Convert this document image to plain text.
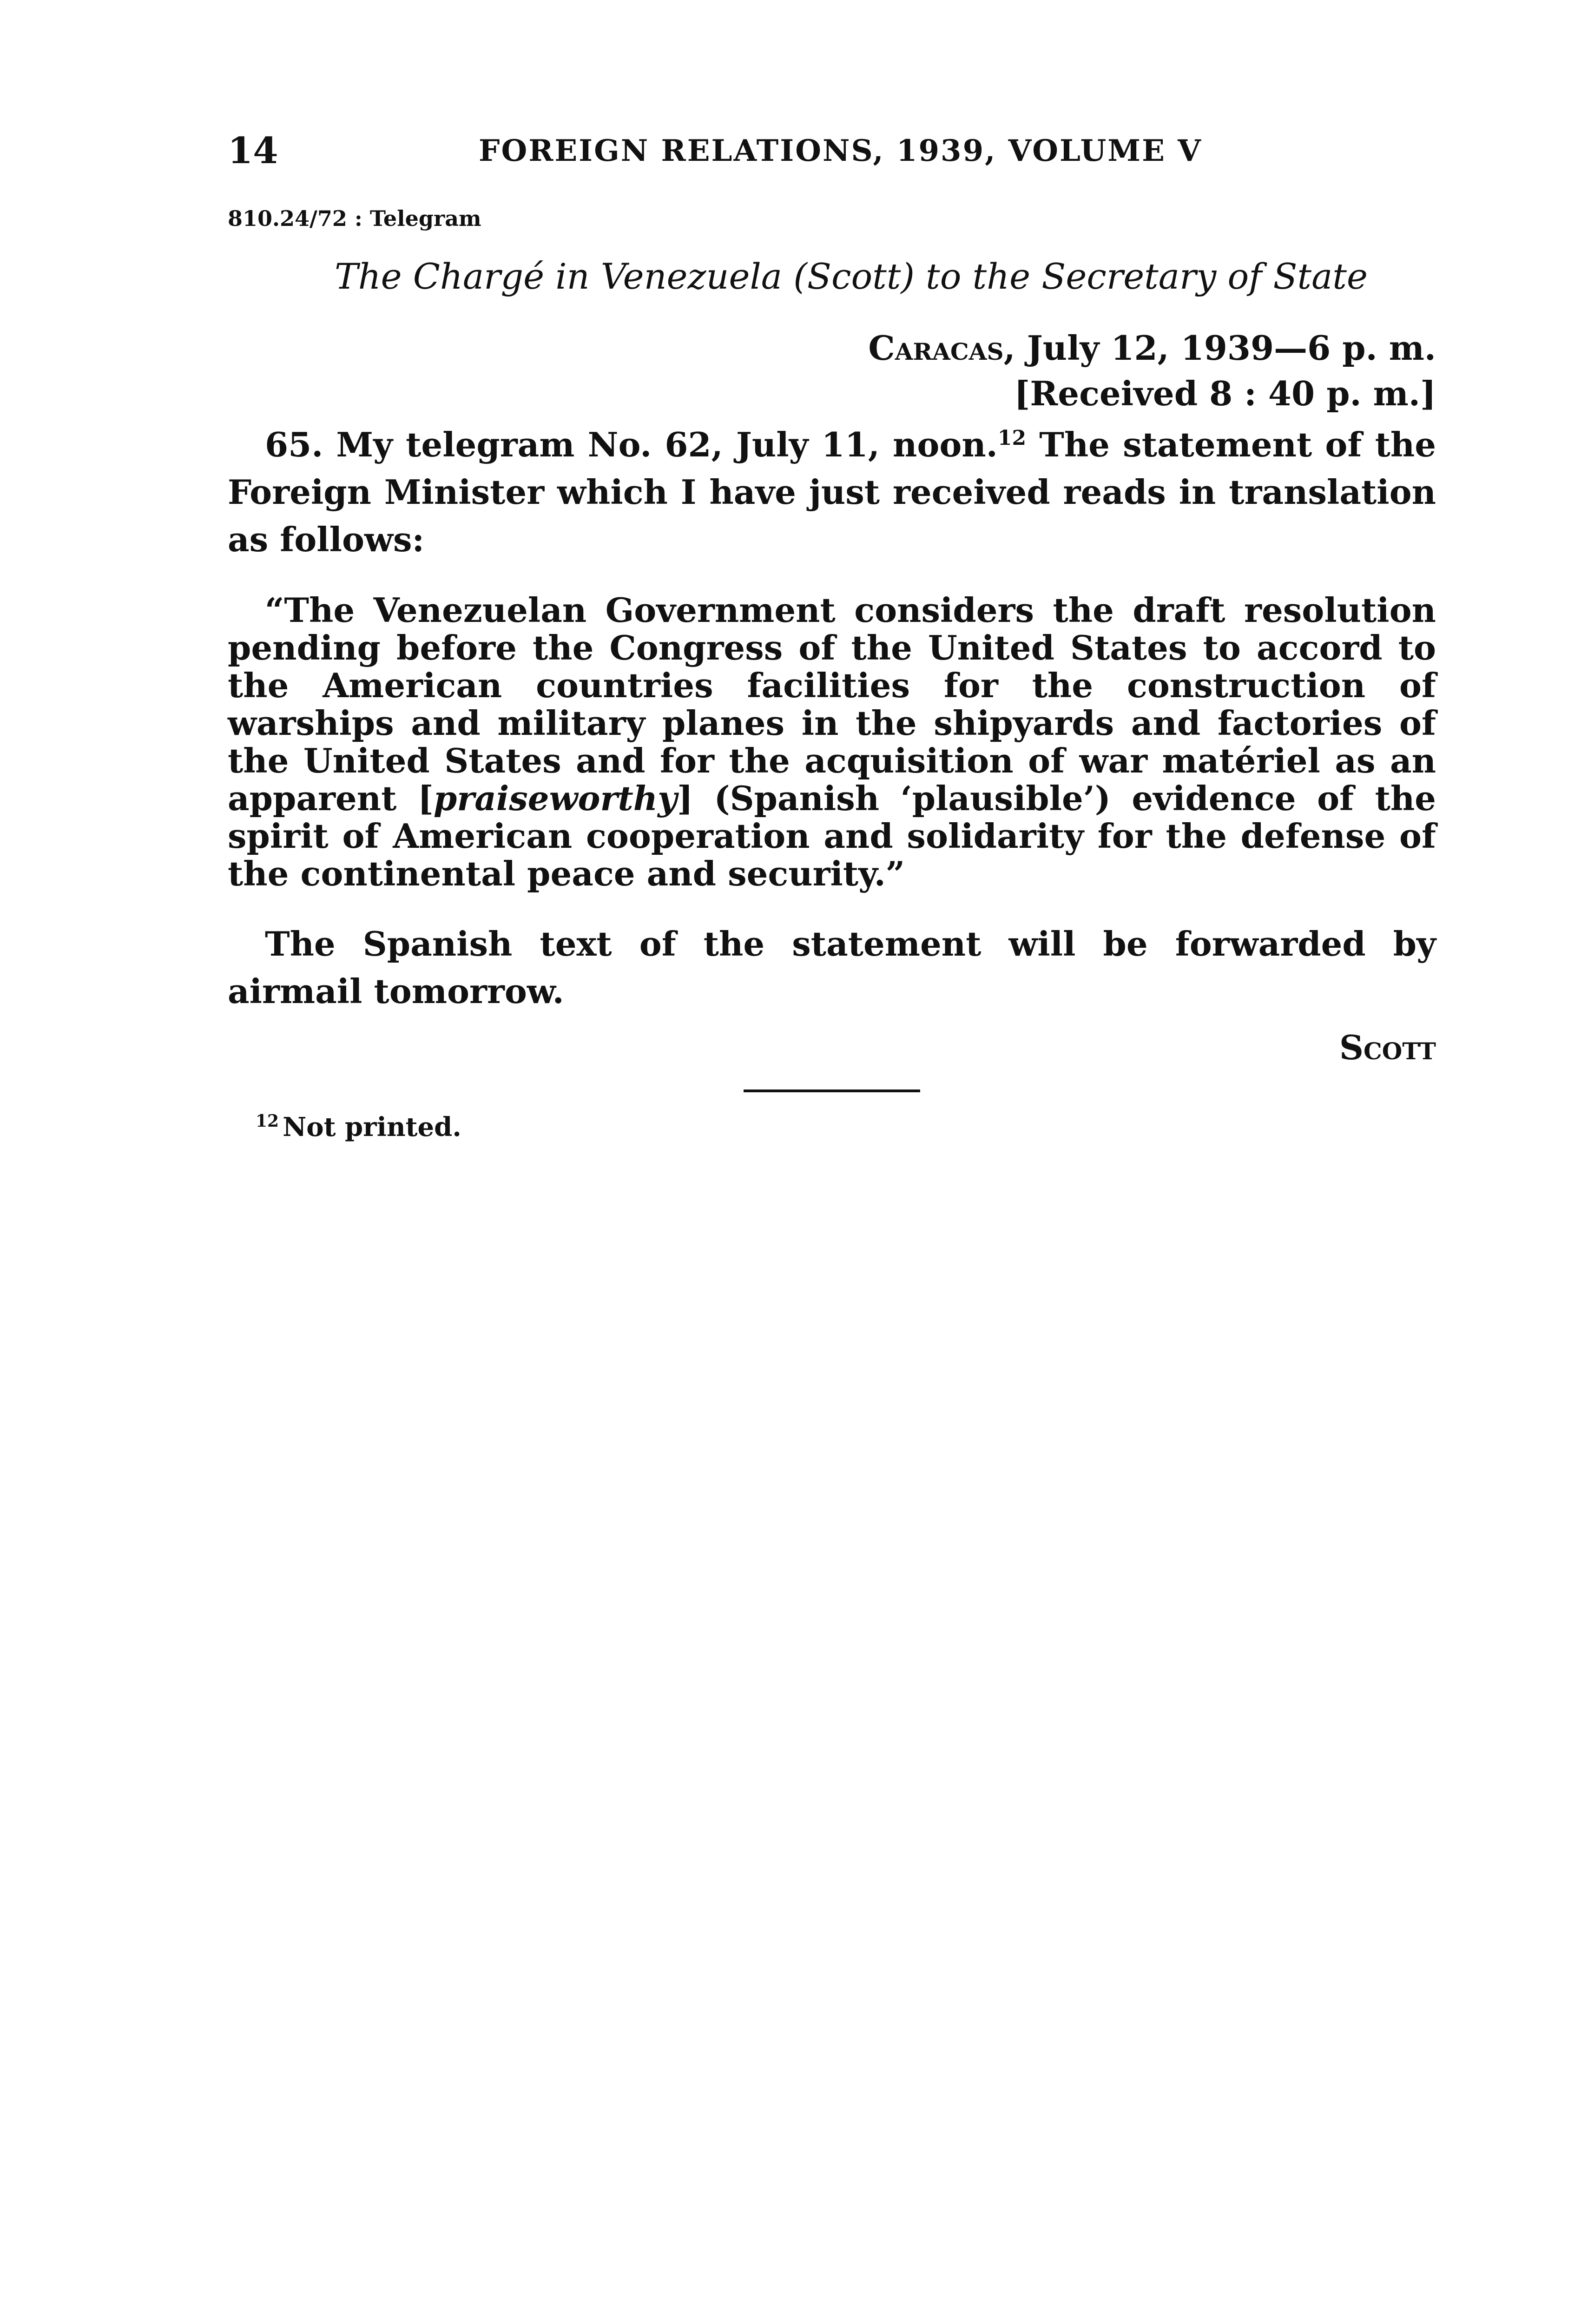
14	FOREIGN RELATIONS, 1939, VOLUME V
810.24/72 : Telegram
The Chargé in Venezuela (Scott) to the Secretary of State
Caracas, July 12, 1939—6 p. m.
[Received 8 : 40 p. m.]

65. My telegram No. 62, July 11, noon.$^{12}$ The statement of the Foreign Minister which I have just received reads in translation as follows:

“The Venezuelan Government considers the draft resolution pending before the Congress of the United States to accord to the American countries facilities for the construction of warships and military planes in the shipyards and factories of the United States and for the acquisition of war matériel as an apparent [praiseworthy] (Spanish ‘plausible’) evidence of the spirit of American cooperation and solidarity for the defense of the continental peace and security.”

The Spanish text of the statement will be forwarded by airmail tomorrow.

Scott
$^{12}$ Not printed.
